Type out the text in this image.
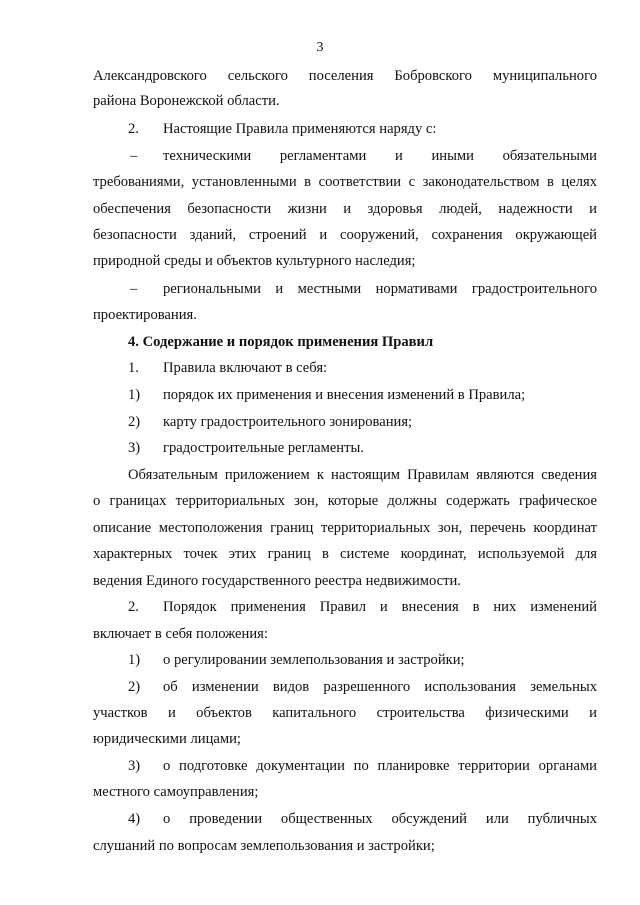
3
Александровского сельского поселения Бобровского муниципального
района Воронежской области.
2. Настоящие Правила применяются наряду с:
– техническими регламентами и иными обязательными
требованиями, установленными в соответствии с законодательством в целях
обеспечения безопасности жизни и здоровья людей, надежности и
безопасности зданий, строений и сооружений, сохранения окружающей
природной среды и объектов культурного наследия;
– региональными и местными нормативами градостроительного
проектирования.
4. Содержание и порядок применения Правил
1. Правила включают в себя:
1) порядок их применения и внесения изменений в Правила;
2) карту градостроительного зонирования;
3) градостроительные регламенты.
Обязательным приложением к настоящим Правилам являются сведения
о границах территориальных зон, которые должны содержать графическое
описание местоположения границ территориальных зон, перечень координат
характерных точек этих границ в системе координат, используемой для
ведения Единого государственного реестра недвижимости.
2. Порядок применения Правил и внесения в них изменений
включает в себя положения:
1) о регулировании землепользования и застройки;
2) об изменении видов разрешенного использования земельных
участков и объектов капитального строительства физическими и
юридическими лицами;
3) о подготовке документации по планировке территории органами
местного самоуправления;
4) о проведении общественных обсуждений или публичных
слушаний по вопросам землепользования и застройки;
